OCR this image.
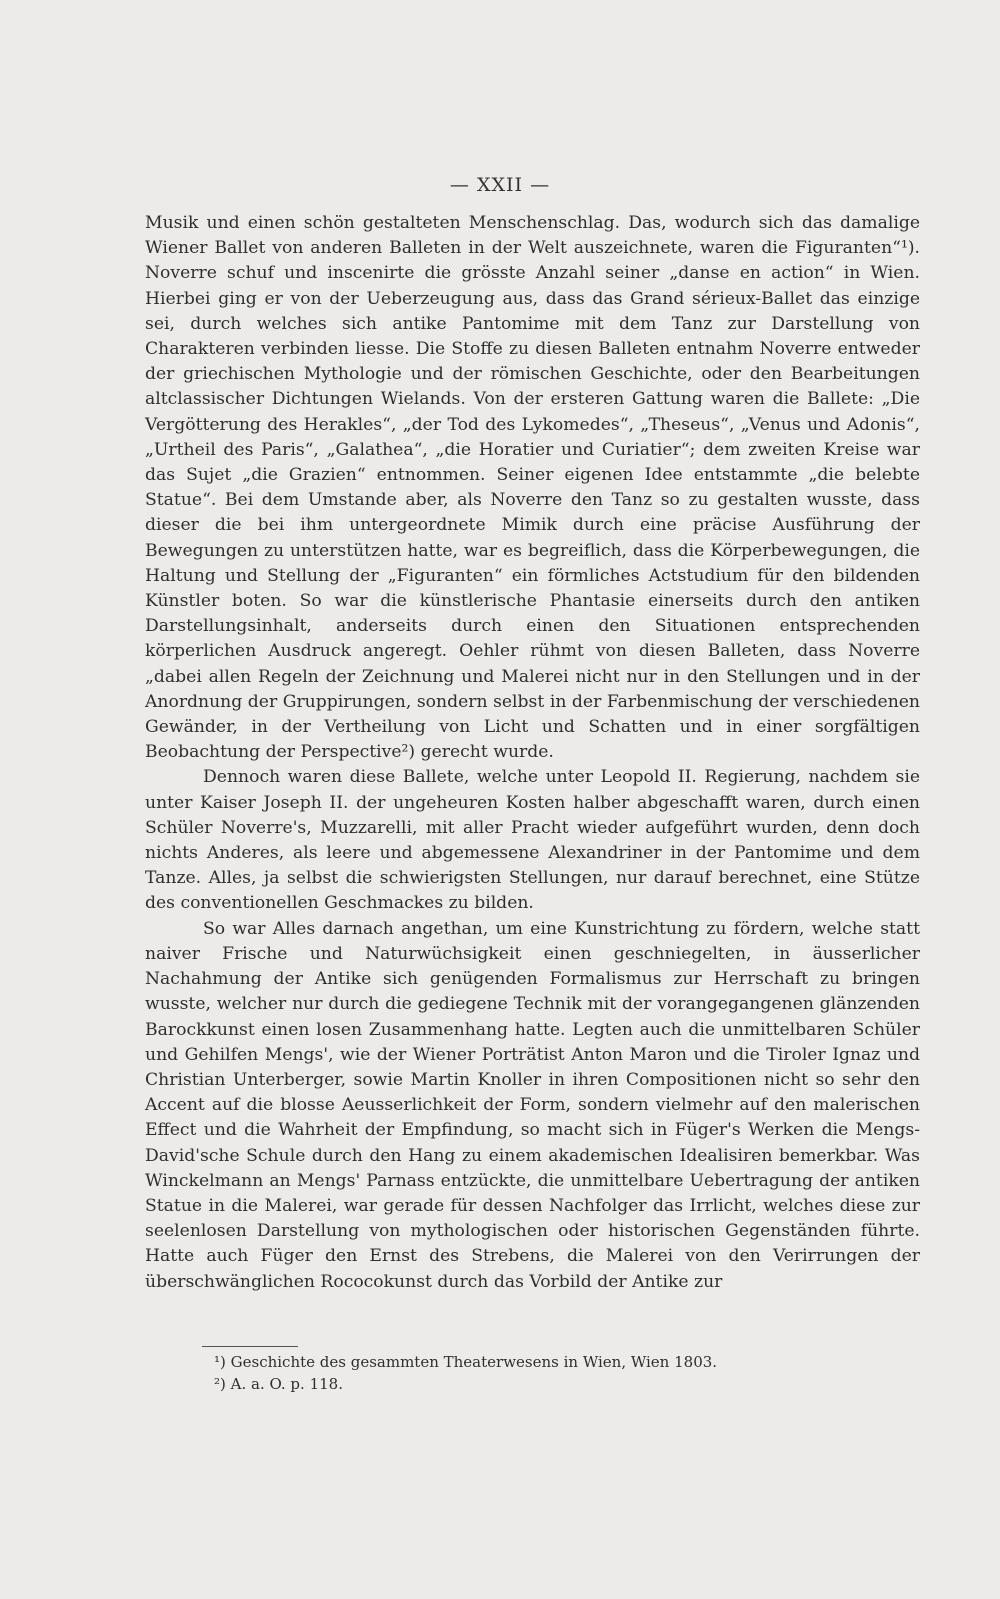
— XXII —

Musik und einen schön gestalteten Menschenschlag. Das, wodurch sich das damalige Wiener Ballet von anderen Balleten in der Welt auszeichnete, waren die Figuranten“¹). Noverre schuf und inscenirte die grösste Anzahl seiner „danse en action“ in Wien. Hierbei ging er von der Ueberzeugung aus, dass das Grand sérieux-Ballet das einzige sei, durch welches sich antike Pantomime mit dem Tanz zur Darstellung von Charakteren verbinden liesse. Die Stoffe zu diesen Balleten entnahm Noverre entweder der griechischen Mythologie und der römischen Geschichte, oder den Bearbeitungen altclassischer Dichtungen Wielands. Von der ersteren Gattung waren die Ballete: „Die Vergötterung des Herakles“, „der Tod des Lykomedes“, „Theseus“, „Venus und Adonis“, „Urtheil des Paris“, „Galathea“, „die Horatier und Curiatier“; dem zweiten Kreise war das Sujet „die Grazien“ entnommen. Seiner eigenen Idee entstammte „die belebte Statue“. Bei dem Umstande aber, als Noverre den Tanz so zu gestalten wusste, dass dieser die bei ihm untergeordnete Mimik durch eine präcise Ausführung der Bewegungen zu unterstützen hatte, war es begreiflich, dass die Körperbewegungen, die Haltung und Stellung der „Figuranten“ ein förmliches Actstudium für den bildenden Künstler boten. So war die künstlerische Phantasie einerseits durch den antiken Darstellungsinhalt, anderseits durch einen den Situationen entsprechenden körperlichen Ausdruck angeregt. Oehler rühmt von diesen Balleten, dass Noverre „dabei allen Regeln der Zeichnung und Malerei nicht nur in den Stellungen und in der Anordnung der Gruppirungen, sondern selbst in der Farbenmischung der verschiedenen Gewänder, in der Vertheilung von Licht und Schatten und in einer sorgfältigen Beobachtung der Perspective²) gerecht wurde.

Dennoch waren diese Ballete, welche unter Leopold II. Regierung, nachdem sie unter Kaiser Joseph II. der ungeheuren Kosten halber abgeschafft waren, durch einen Schüler Noverre's, Muzzarelli, mit aller Pracht wieder aufgeführt wurden, denn doch nichts Anderes, als leere und abgemessene Alexandriner in der Pantomime und dem Tanze. Alles, ja selbst die schwierigsten Stellungen, nur darauf berechnet, eine Stütze des conventionellen Geschmackes zu bilden.

So war Alles darnach angethan, um eine Kunstrichtung zu fördern, welche statt naiver Frische und Naturwüchsigkeit einen geschniegelten, in äusserlicher Nachahmung der Antike sich genügenden Formalismus zur Herrschaft zu bringen wusste, welcher nur durch die gediegene Technik mit der vorangegangenen glänzenden Barockkunst einen losen Zusammenhang hatte. Legten auch die unmittelbaren Schüler und Gehilfen Mengs', wie der Wiener Porträtist Anton Maron und die Tiroler Ignaz und Christian Unterberger, sowie Martin Knoller in ihren Compositionen nicht so sehr den Accent auf die blosse Aeusserlichkeit der Form, sondern vielmehr auf den malerischen Effect und die Wahrheit der Empfindung, so macht sich in Füger's Werken die Mengs-David'sche Schule durch den Hang zu einem akademischen Idealisiren bemerkbar. Was Winckelmann an Mengs' Parnass entzückte, die unmittelbare Uebertragung der antiken Statue in die Malerei, war gerade für dessen Nachfolger das Irrlicht, welches diese zur seelenlosen Darstellung von mythologischen oder historischen Gegenständen führte. Hatte auch Füger den Ernst des Strebens, die Malerei von den Verirrungen der überschwänglichen Rococokunst durch das Vorbild der Antike zur

¹) Geschichte des gesammten Theaterwesens in Wien, Wien 1803.

²) A. a. O. p. 118.
